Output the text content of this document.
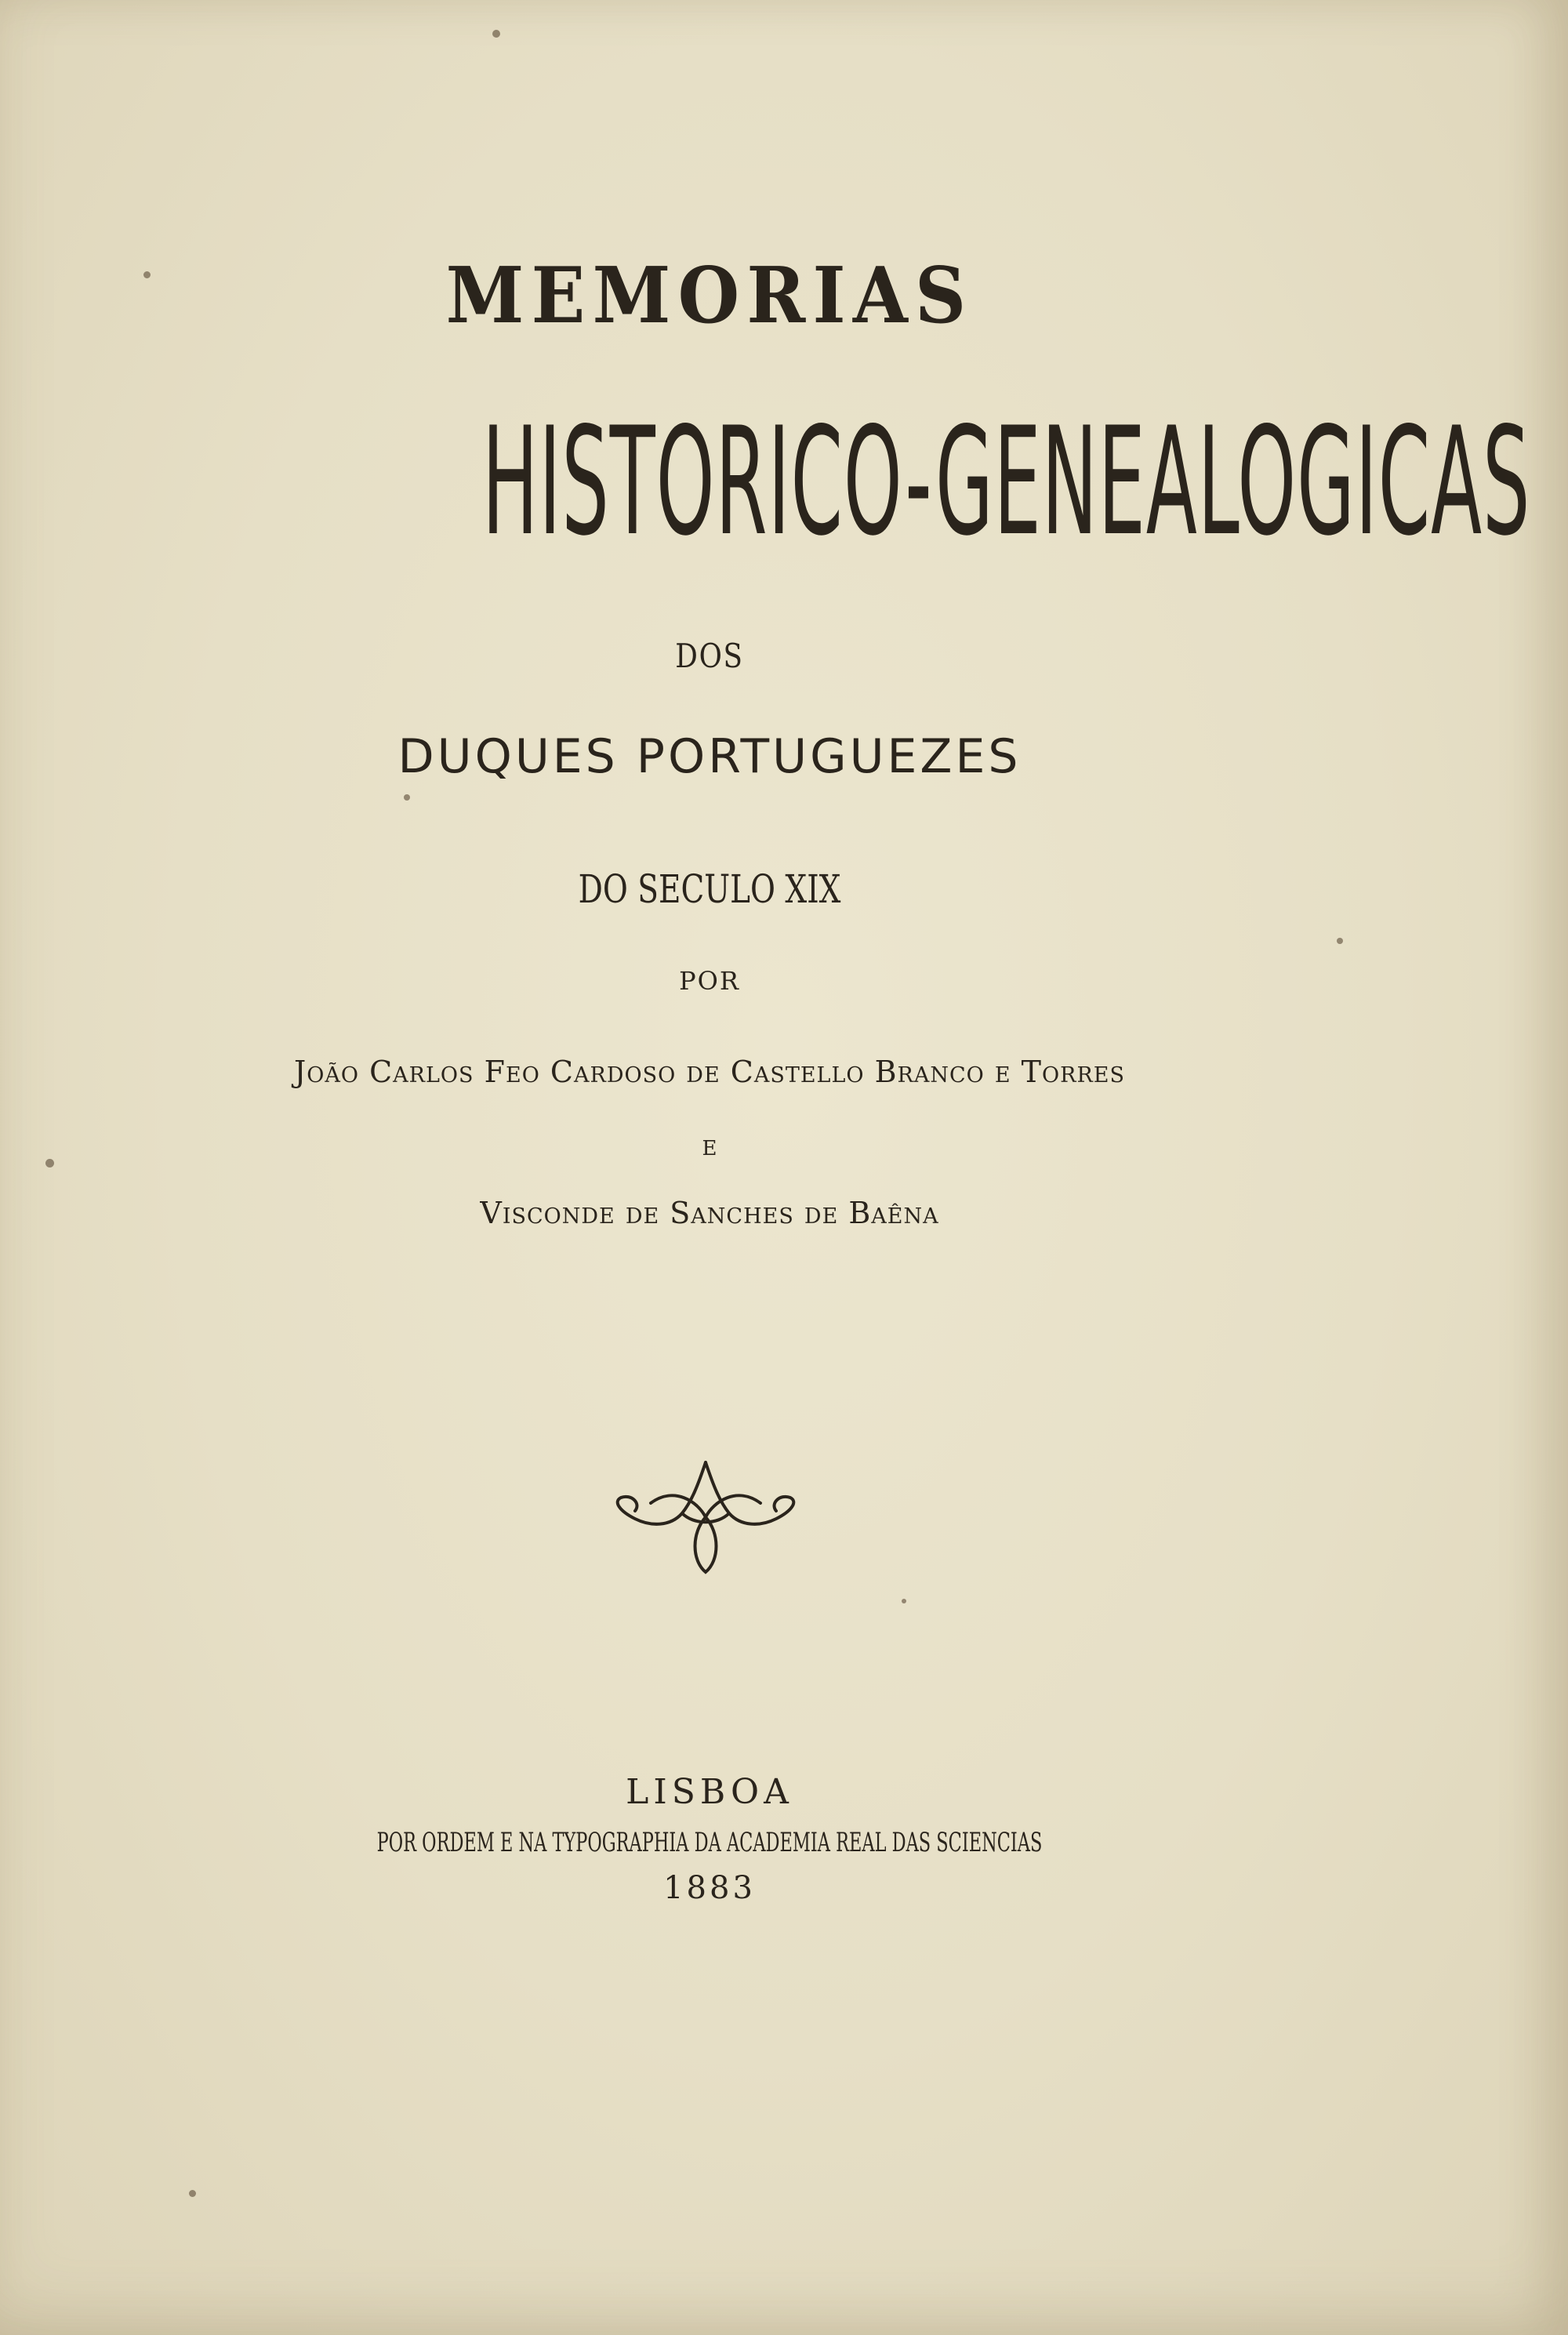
MEMORIAS
HISTORICO-GENEALOGICAS
DOS
DUQUES PORTUGUEZES
DO SECULO XIX
POR
João Carlos Feo Cardoso de Castello Branco e Torres
E
Visconde de Sanches de Baêna
LISBOA
POR ORDEM E NA TYPOGRAPHIA DA ACADEMIA REAL DAS SCIENCIAS
1883
